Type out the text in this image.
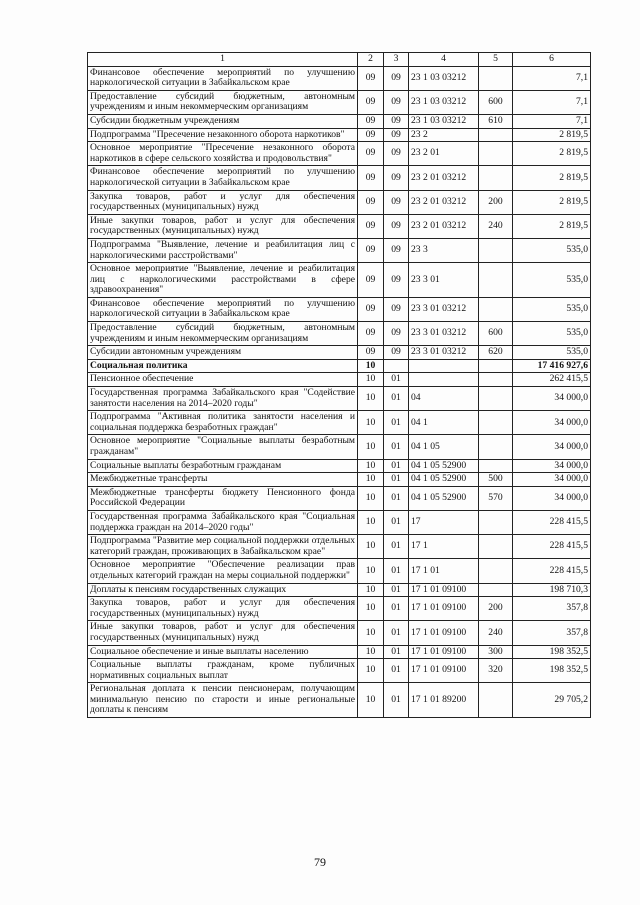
1	2	3	4	5	6
Финансовое обеспечение мероприятий по улучшению наркологической ситуации в Забайкальском крае	09	09	23 1 03 03212		7,1
Предоставление субсидий бюджетным, автономным учреждениям и иным некоммерческим организациям	09	09	23 1 03 03212	600	7,1
Субсидии бюджетным учреждениям	09	09	23 1 03 03212	610	7,1
Подпрограмма "Пресечение незаконного оборота наркотиков"	09	09	23 2		2 819,5
Основное мероприятие "Пресечение незаконного оборота наркотиков в сфере сельского хозяйства и продовольствия"	09	09	23 2 01		2 819,5
Финансовое обеспечение мероприятий по улучшению наркологической ситуации в Забайкальском крае	09	09	23 2 01 03212		2 819,5
Закупка товаров, работ и услуг для обеспечения государственных (муниципальных) нужд	09	09	23 2 01 03212	200	2 819,5
Иные закупки товаров, работ и услуг для обеспечения государственных (муниципальных) нужд	09	09	23 2 01 03212	240	2 819,5
Подпрограмма "Выявление, лечение и реабилитация лиц с наркологическими расстройствами"	09	09	23 3		535,0
Основное мероприятие "Выявление, лечение и реабилитация лиц с наркологическими расстройствами в сфере здравоохранения"	09	09	23 3 01		535,0
Финансовое обеспечение мероприятий по улучшению наркологической ситуации в Забайкальском крае	09	09	23 3 01 03212		535,0
Предоставление субсидий бюджетным, автономным учреждениям и иным некоммерческим организациям	09	09	23 3 01 03212	600	535,0
Субсидии автономным учреждениям	09	09	23 3 01 03212	620	535,0
Социальная политика	10				17 416 927,6
Пенсионное обеспечение	10	01			262 415,5
Государственная программа Забайкальского края "Содействие занятости населения на 2014–2020 годы"	10	01	04		34 000,0
Подпрограмма "Активная политика занятости населения и социальная поддержка безработных граждан"	10	01	04 1		34 000,0
Основное мероприятие "Социальные выплаты безработным гражданам"	10	01	04 1 05		34 000,0
Социальные выплаты безработным гражданам	10	01	04 1 05 52900		34 000,0
Межбюджетные трансферты	10	01	04 1 05 52900	500	34 000,0
Межбюджетные трансферты бюджету Пенсионного фонда Российской Федерации	10	01	04 1 05 52900	570	34 000,0
Государственная программа Забайкальского края "Социальная поддержка граждан на 2014–2020 годы"	10	01	17		228 415,5
Подпрограмма "Развитие мер социальной поддержки отдельных категорий граждан, проживающих в Забайкальском крае"	10	01	17 1		228 415,5
Основное мероприятие "Обеспечение реализации прав отдельных категорий граждан на меры социальной поддержки"	10	01	17 1 01		228 415,5
Доплаты к пенсиям государственных служащих	10	01	17 1 01 09100		198 710,3
Закупка товаров, работ и услуг для обеспечения государственных (муниципальных) нужд	10	01	17 1 01 09100	200	357,8
Иные закупки товаров, работ и услуг для обеспечения государственных (муниципальных) нужд	10	01	17 1 01 09100	240	357,8
Социальное обеспечение и иные выплаты населению	10	01	17 1 01 09100	300	198 352,5
Социальные выплаты гражданам, кроме публичных нормативных социальных выплат	10	01	17 1 01 09100	320	198 352,5
Региональная доплата к пенсии пенсионерам, получающим минимальную пенсию по старости и иные региональные доплаты к пенсиям	10	01	17 1 01 89200		29 705,2
79
